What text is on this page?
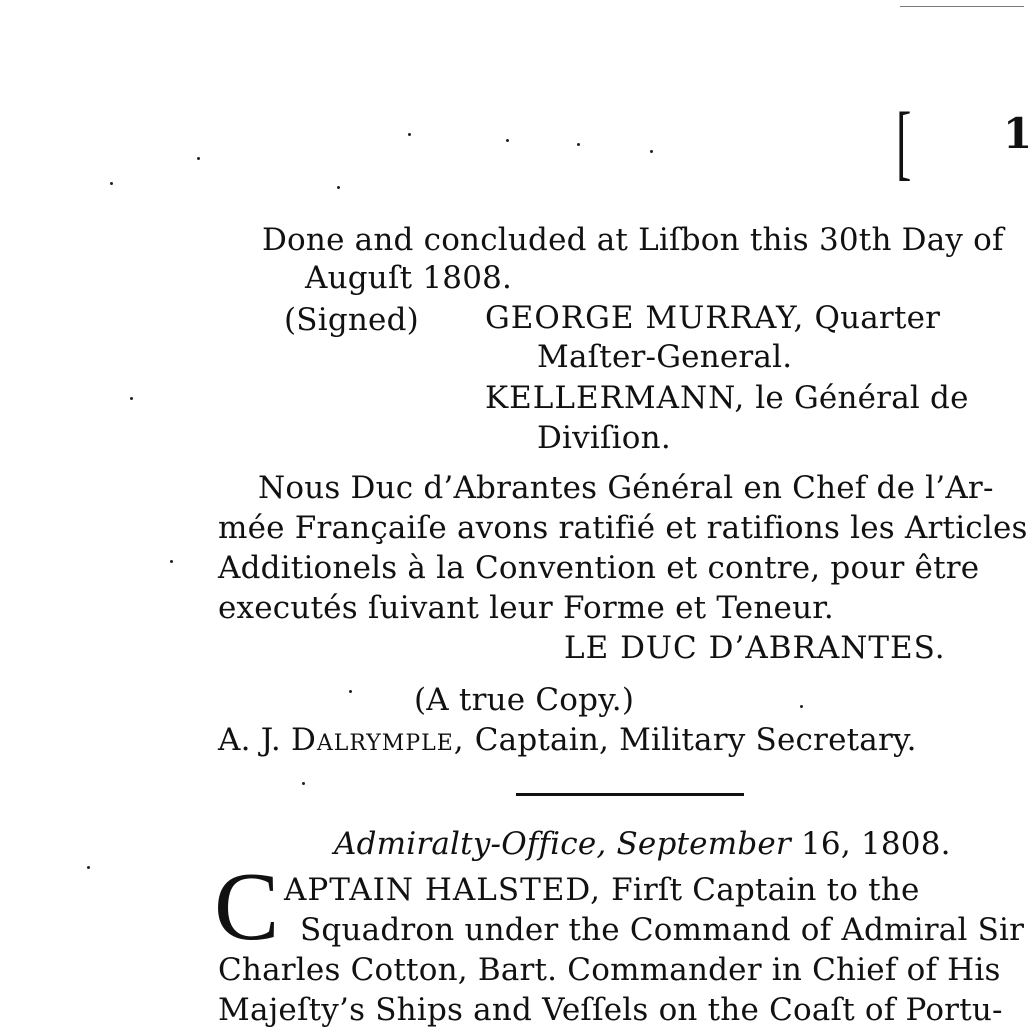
[ 1
Done and concluded at Liſbon this 30th Day of
Auguſt 1808.
(Signed) GEORGE MURRAY, Quarter
Maſter-General.
KELLERMANN, le Général de
Diviſion.
Nous Duc d’Abrantes Général en Chef de l’Ar-
mée Françaiſe avons ratifié et ratifions les Articles
Additionels à la Convention et contre, pour être
executés ſuivant leur Forme et Teneur.
LE DUC D’ABRANTES.
(A true Copy.)
A. J. Dalrymple, Captain, Military Secretary.
Admiralty-Office, September 16, 1808.
C APTAIN HALSTED, Firſt Captain to the
Squadron under the Command of Admiral Sir
Charles Cotton, Bart. Commander in Chief of His
Majeſty’s Ships and Veſſels on the Coaſt of Portu-
